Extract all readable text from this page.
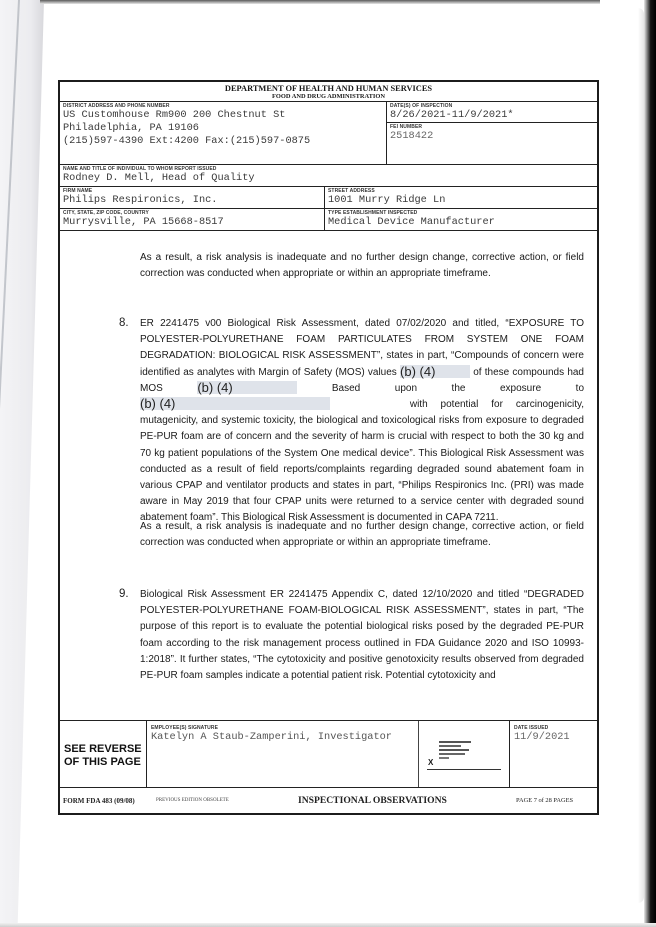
DEPARTMENT OF HEALTH AND HUMAN SERVICES
FOOD AND DRUG ADMINISTRATION
DISTRICT ADDRESS AND PHONE NUMBER
US Customhouse Rm900 200 Chestnut St
Philadelphia, PA 19106
(215)597-4390 Ext:4200 Fax:(215)597-0875
DATE(S) OF INSPECTION
8/26/2021-11/9/2021*
FEI NUMBER
2518422
NAME AND TITLE OF INDIVIDUAL TO WHOM REPORT ISSUED
Rodney D. Mell, Head of Quality
FIRM NAME
Philips Respironics, Inc.
STREET ADDRESS
1001 Murry Ridge Ln
CITY, STATE, ZIP CODE, COUNTRY
Murrysville, PA 15668-8517
TYPE ESTABLISHMENT INSPECTED
Medical Device Manufacturer
As a result, a risk analysis is inadequate and no further design change, corrective action, or field correction was conducted when appropriate or within an appropriate timeframe.
8. ER 2241475 v00 Biological Risk Assessment, dated 07/02/2020 and titled, “EXPOSURE TO POLYESTER-POLYURETHANE FOAM PARTICULATES FROM SYSTEM ONE FOAM DEGRADATION: BIOLOGICAL RISK ASSESSMENT”, states in part, “Compounds of concern were identified as analytes with Margin of Safety (MOS) values (b) (4)	of these compounds had MOS	(b) (4)	Based upon the exposure to (b) (4)	with potential for carcinogenicity, mutagenicity, and systemic toxicity, the biological and toxicological risks from exposure to degraded PE-PUR foam are of concern and the severity of harm is crucial with respect to both the 30 kg and 70 kg patient populations of the System One medical device”. This Biological Risk Assessment was conducted as a result of field reports/complaints regarding degraded sound abatement foam in various CPAP and ventilator products and states in part, “Philips Respironics Inc. (PRI) was made aware in May 2019 that four CPAP units were returned to a service center with degraded sound abatement foam”. This Biological Risk Assessment is documented in CAPA 7211.
As a result, a risk analysis is inadequate and no further design change, corrective action, or field correction was conducted when appropriate or within an appropriate timeframe.
9. Biological Risk Assessment ER 2241475 Appendix C, dated 12/10/2020 and titled “DEGRADED POLYESTER-POLYURETHANE FOAM-BIOLOGICAL RISK ASSESSMENT”, states in part, “The purpose of this report is to evaluate the potential biological risks posed by the degraded PE-PUR foam according to the risk management process outlined in FDA Guidance 2020 and ISO 10993-1:2018”. It further states, “The cytotoxicity and positive genotoxicity results observed from degraded PE-PUR foam samples indicate a potential patient risk. Potential cytotoxicity and
SEE REVERSE OF THIS PAGE
EMPLOYEE(S) SIGNATURE
Katelyn A Staub-Zamperini, Investigator
X
DATE ISSUED
11/9/2021
FORM FDA 483 (09/08)	PREVIOUS EDITION OBSOLETE	INSPECTIONAL OBSERVATIONS	PAGE 7 of 28 PAGES
